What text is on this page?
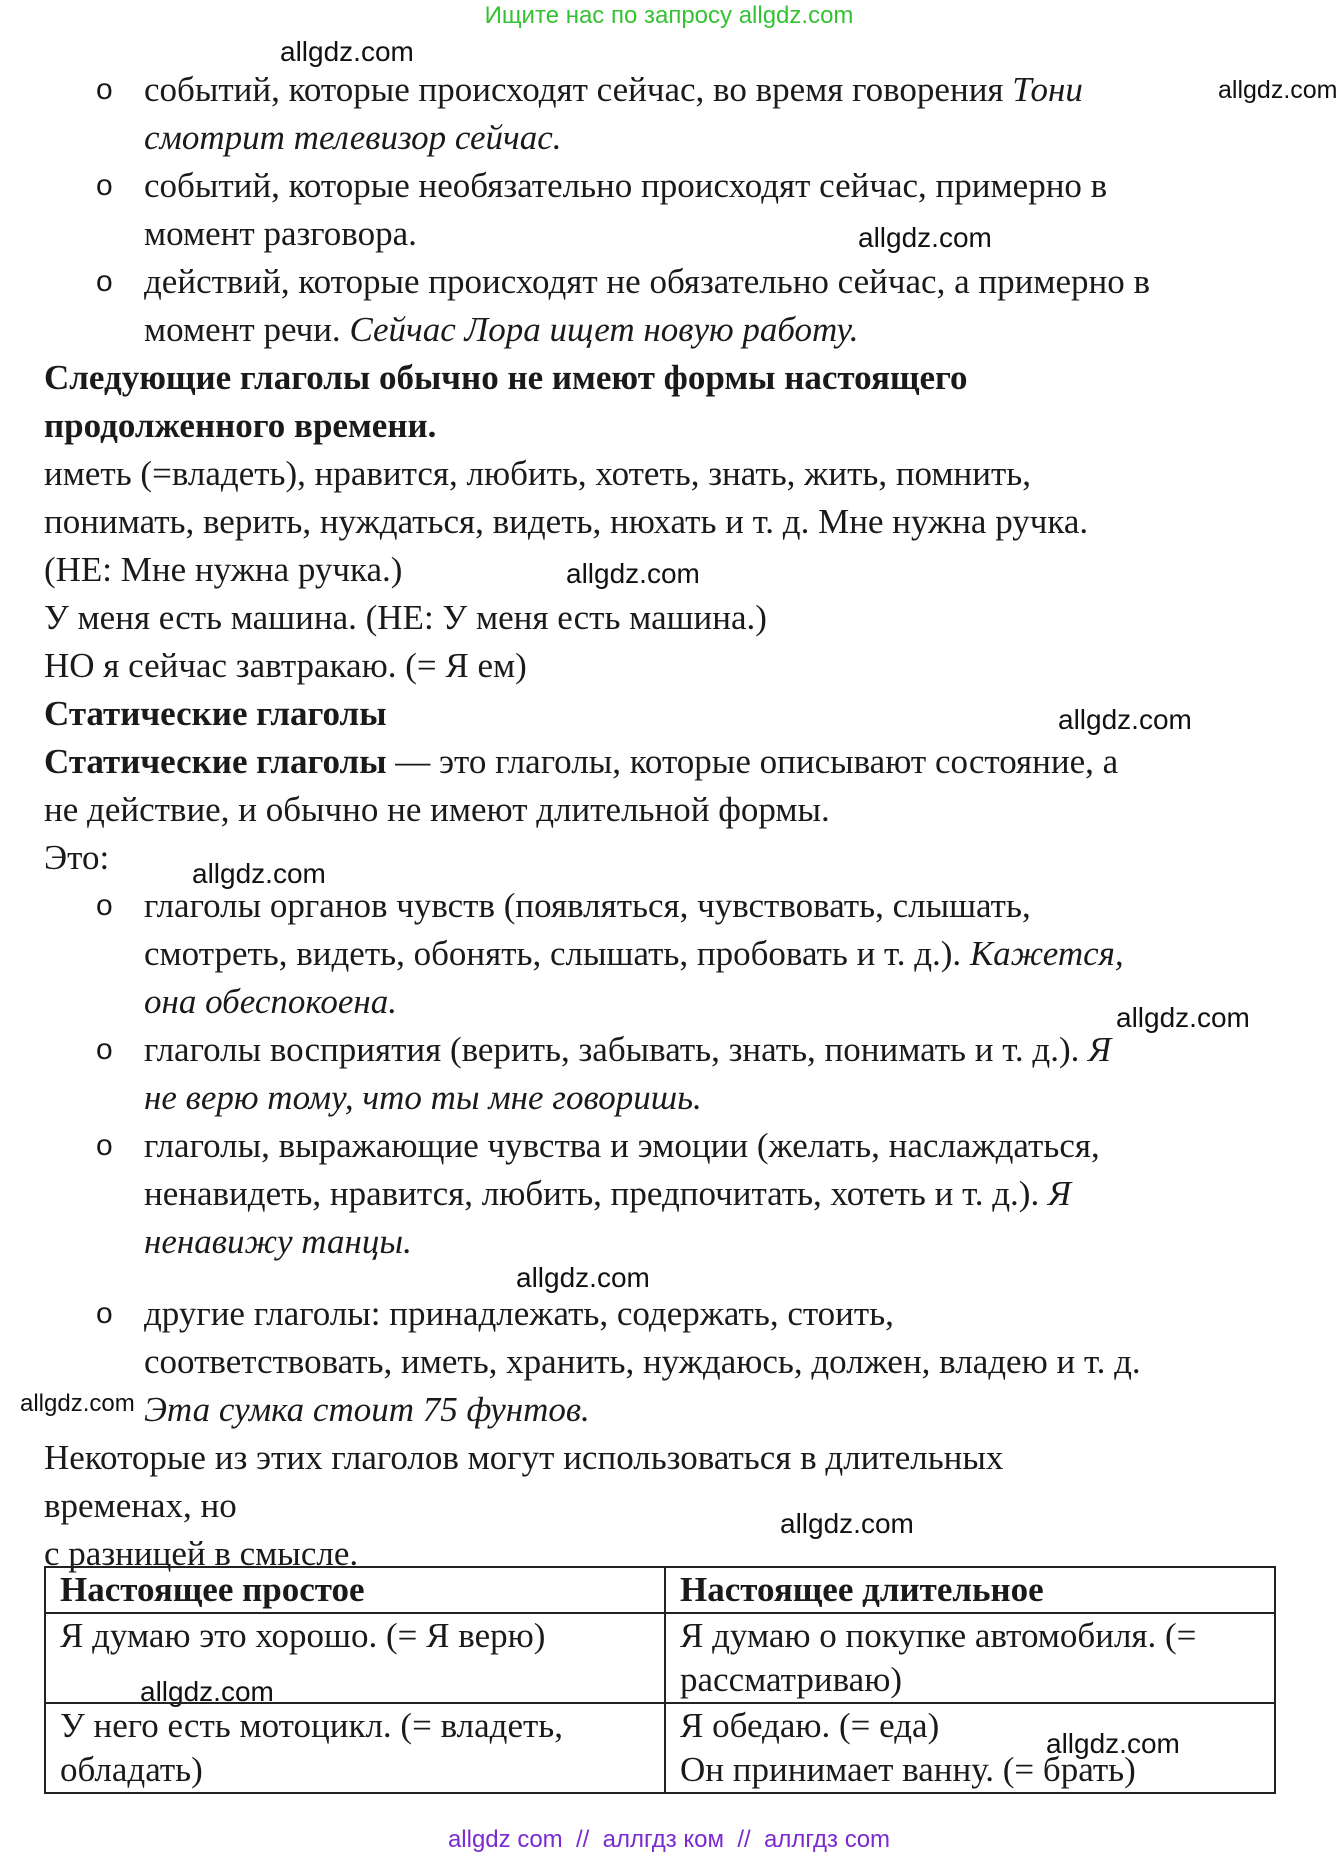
Ищите нас по запросу allgdz.com
allgdz.com
allgdz.com
allgdz.com
allgdz.com
allgdz.com
allgdz.com
allgdz.com
allgdz.com
allgdz.com
allgdz.com
allgdz.com
allgdz.com
o событий, которые происходят сейчас, во время говорения Тони
смотрит телевизор сейчас.
o событий, которые необязательно происходят сейчас, примерно в
момент разговора.
o действий, которые происходят не обязательно сейчас, а примерно в
момент речи. Сейчас Лора ищет новую работу.
Следующие глаголы обычно не имеют формы настоящего
продолженного времени.
иметь (=владеть), нравится, любить, хотеть, знать, жить, помнить,
понимать, верить, нуждаться, видеть, нюхать и т. д. Мне нужна ручка.
(НЕ: Мне нужна ручка.)
У меня есть машина. (НЕ: У меня есть машина.)
НО я сейчас завтракаю. (= Я ем)
Статические глаголы
Статические глаголы — это глаголы, которые описывают состояние, а
не действие, и обычно не имеют длительной формы.
Это:
o глаголы органов чувств (появляться, чувствовать, слышать,
смотреть, видеть, обонять, слышать, пробовать и т. д.). Кажется,
она обеспокоена.
o глаголы восприятия (верить, забывать, знать, понимать и т. д.). Я
не верю тому, что ты мне говоришь.
o глаголы, выражающие чувства и эмоции (желать, наслаждаться,
ненавидеть, нравится, любить, предпочитать, хотеть и т. д.). Я
ненавижу танцы.
o другие глаголы: принадлежать, содержать, стоить,
соответствовать, иметь, хранить, нуждаюсь, должен, владею и т. д.
Эта сумка стоит 75 фунтов.
Некоторые из этих глаголов могут использоваться в длительных
временах, но
с разницей в смысле.
Настоящее простое	Настоящее длительное

Я думаю это хорошо. (= Я верю)	Я думаю о покупке автомобиля. (=
рассматриваю)

У него есть мотоцикл. (= владеть,
обладать)	Я обедаю. (= еда)
Он принимает ванну. (= брать)
allgdz com  //  аллгдз ком  //  аллгдз com
